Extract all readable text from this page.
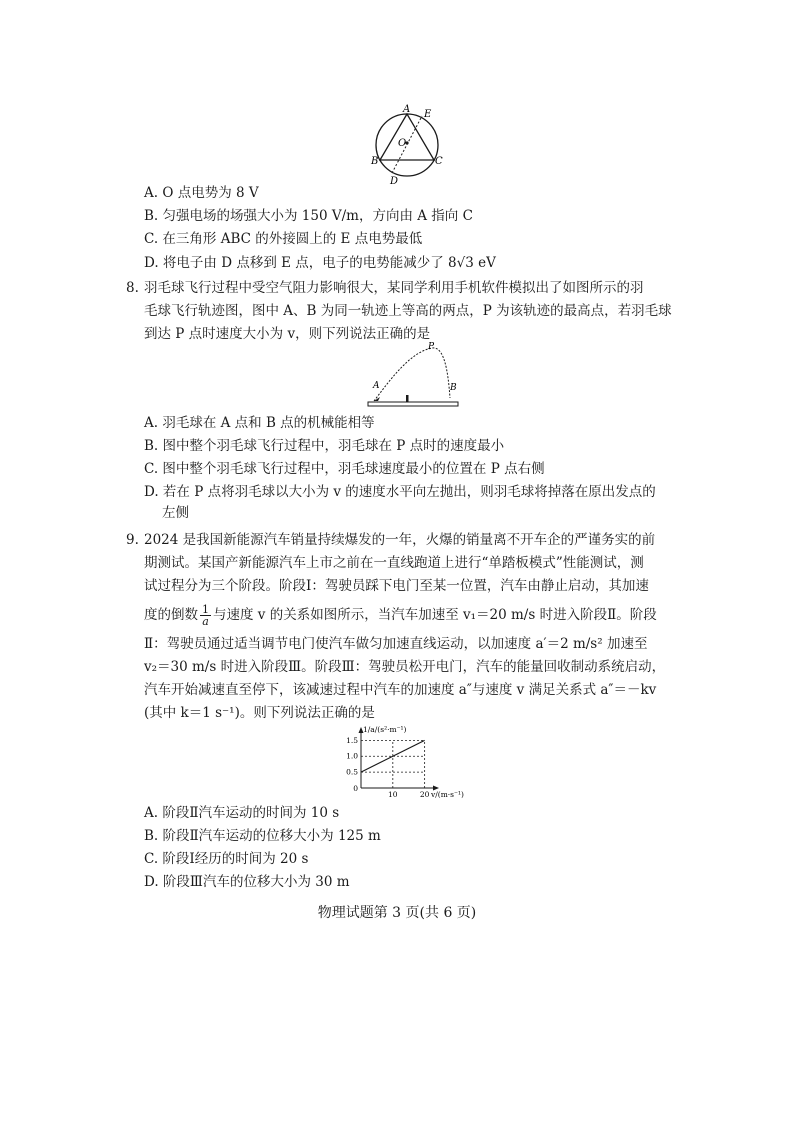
A E
O
B	C
D
A. O 点电势为 8 V
B. 匀强电场的场强大小为 150 V/m，方向由 A 指向 C
C. 在三角形 ABC 的外接圆上的 E 点电势最低
D. 将电子由 D 点移到 E 点，电子的电势能减少了 8√3 eV
8. 羽毛球飞行过程中受空气阻力影响很大，某同学利用手机软件模拟出了如图所示的羽
毛球飞行轨迹图，图中 A、B 为同一轨迹上等高的两点，P 为该轨迹的最高点，若羽毛球
到达 P 点时速度大小为 v，则下列说法正确的是
P
A	B
A. 羽毛球在 A 点和 B 点的机械能相等
B. 图中整个羽毛球飞行过程中，羽毛球在 P 点时的速度最小
C. 图中整个羽毛球飞行过程中，羽毛球速度最小的位置在 P 点右侧
D. 若在 P 点将羽毛球以大小为 v 的速度水平向左抛出，则羽毛球将掉落在原出发点的
左侧
9. 2024 是我国新能源汽车销量持续爆发的一年，火爆的销量离不开车企的严谨务实的前
期测试。某国产新能源汽车上市之前在一直线跑道上进行“单踏板模式”性能测试，测
试过程分为三个阶段。阶段Ⅰ：驾驶员踩下电门至某一位置，汽车由静止启动，其加速
度的倒数 $\frac{1}{a}$ 与速度 v 的关系如图所示，当汽车加速至 v₁＝20 m/s 时进入阶段Ⅱ。阶段
Ⅱ：驾驶员通过适当调节电门使汽车做匀加速直线运动，以加速度 a′＝2 m/s² 加速至
v₂＝30 m/s 时进入阶段Ⅲ。阶段Ⅲ：驾驶员松开电门，汽车的能量回收制动系统启动，
汽车开始减速直至停下，该减速过程中汽车的加速度 a″与速度 v 满足关系式 a″＝－kv
(其中 k＝1 s⁻¹)。则下列说法正确的是
1/a/(s²·m⁻¹)
v/(m·s⁻¹)
1.5
1.0
0.5
0
10	20
A. 阶段Ⅱ汽车运动的时间为 10 s
B. 阶段Ⅱ汽车运动的位移大小为 125 m
C. 阶段Ⅰ经历的时间为 20 s
D. 阶段Ⅲ汽车的位移大小为 30 m
物理试题第 3 页(共 6 页)
